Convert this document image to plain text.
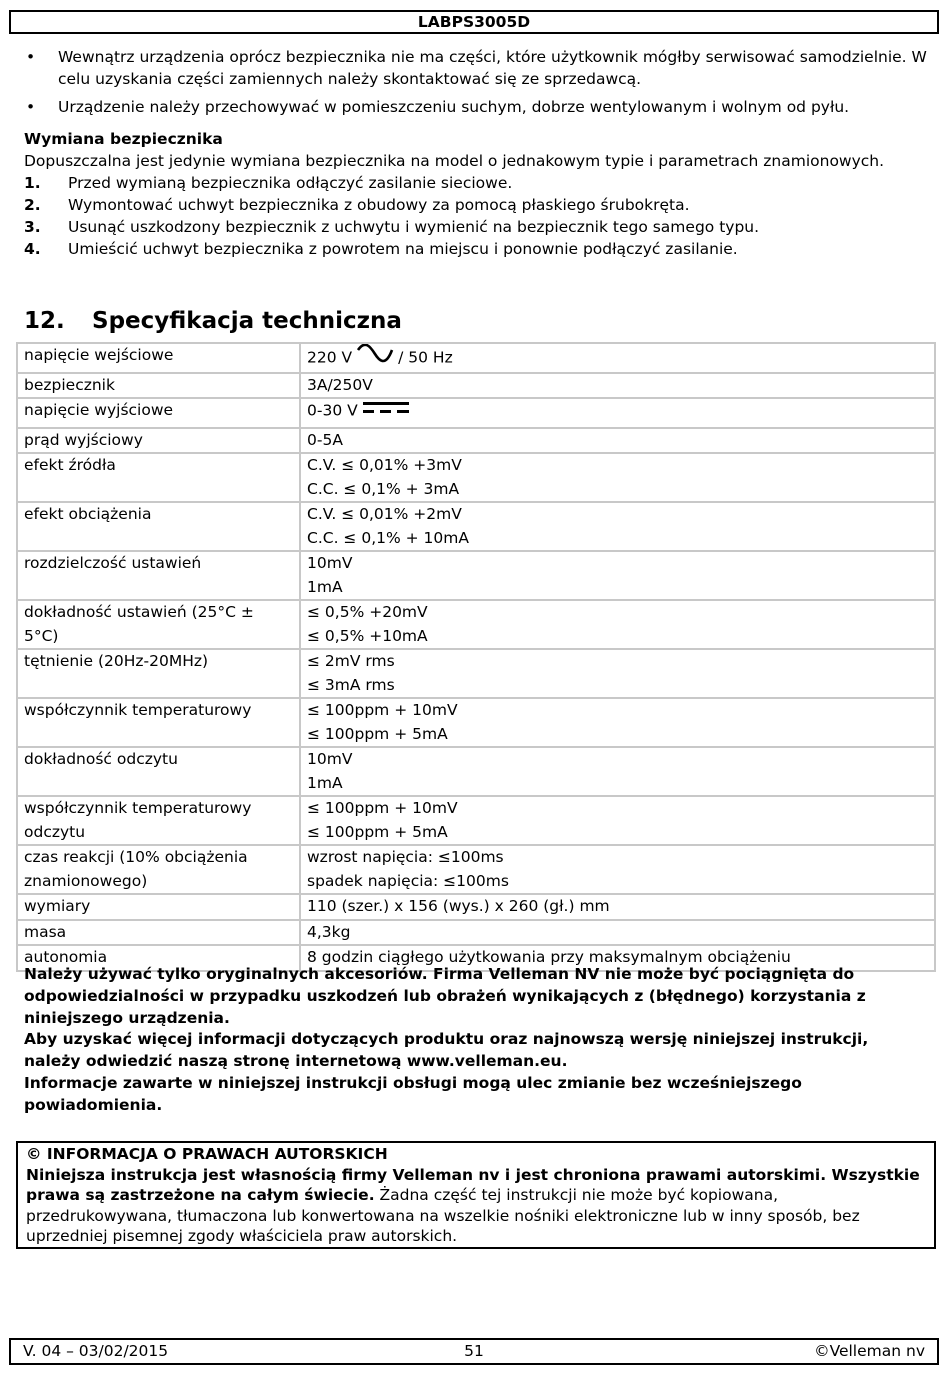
LABPS3005D
• Wewnątrz urządzenia oprócz bezpiecznika nie ma części, które użytkownik mógłby serwisować samodzielnie. W celu uzyskania części zamiennych należy skontaktować się ze sprzedawcą.
• Urządzenie należy przechowywać w pomieszczeniu suchym, dobrze wentylowanym i wolnym od pyłu.
Wymiana bezpiecznika
Dopuszczalna jest jedynie wymiana bezpiecznika na model o jednakowym typie i parametrach znamionowych.
1.	Przed wymianą bezpiecznika odłączyć zasilanie sieciowe.
2.	Wymontować uchwyt bezpiecznika z obudowy za pomocą płaskiego śrubokręta.
3.	Usunąć uszkodzony bezpiecznik z uchwytu i wymienić na bezpiecznik tego samego typu.
4.	Umieścić uchwyt bezpiecznika z powrotem na miejscu i ponownie podłączyć zasilanie.
12. Specyfikacja techniczna
napięcie wejściowe	220 V / 50 Hz
bezpiecznik	3A/250V
napięcie wyjściowe	0-30 V
prąd wyjściowy	0-5A
efekt źródła	C.V. ≤ 0,01% +3mV
C.C. ≤ 0,1% + 3mA

efekt obciążenia	C.V. ≤ 0,01% +2mV
C.C. ≤ 0,1% + 10mA

rozdzielczość ustawień	10mV
1mA

dokładność ustawień (25°C ± 5°C)	≤ 0,5% +20mV
≤ 0,5% +10mA

tętnienie (20Hz-20MHz)	≤ 2mV rms
≤ 3mA rms

współczynnik temperaturowy	≤ 100ppm + 10mV
≤ 100ppm + 5mA

dokładność odczytu	10mV
1mA

współczynnik temperaturowy odczytu	≤ 100ppm + 10mV
≤ 100ppm + 5mA

czas reakcji (10% obciążenia znamionowego)	wzrost napięcia: ≤100ms
spadek napięcia: ≤100ms

wymiary	110 (szer.) x 156 (wys.) x 260 (gł.) mm
masa	4,3kg
autonomia	8 godzin ciągłego użytkowania przy maksymalnym obciążeniu
Należy używać tylko oryginalnych akcesoriów. Firma Velleman NV nie może być pociągnięta do odpowiedzialności w przypadku uszkodzeń lub obrażeń wynikających z (błędnego) korzystania z niniejszego urządzenia.
Aby uzyskać więcej informacji dotyczących produktu oraz najnowszą wersję niniejszej instrukcji, należy odwiedzić naszą stronę internetową www.velleman.eu.
Informacje zawarte w niniejszej instrukcji obsługi mogą ulec zmianie bez wcześniejszego powiadomienia.
© INFORMACJA O PRAWACH AUTORSKICH
Niniejsza instrukcja jest własnością firmy Velleman nv i jest chroniona prawami autorskimi. Wszystkie prawa są zastrzeżone na całym świecie. Żadna część tej instrukcji nie może być kopiowana, przedrukowywana, tłumaczona lub konwertowana na wszelkie nośniki elektroniczne lub w inny sposób, bez uprzedniej pisemnej zgody właściciela praw autorskich.
51
V. 04 – 03/02/2015	©Velleman nv
